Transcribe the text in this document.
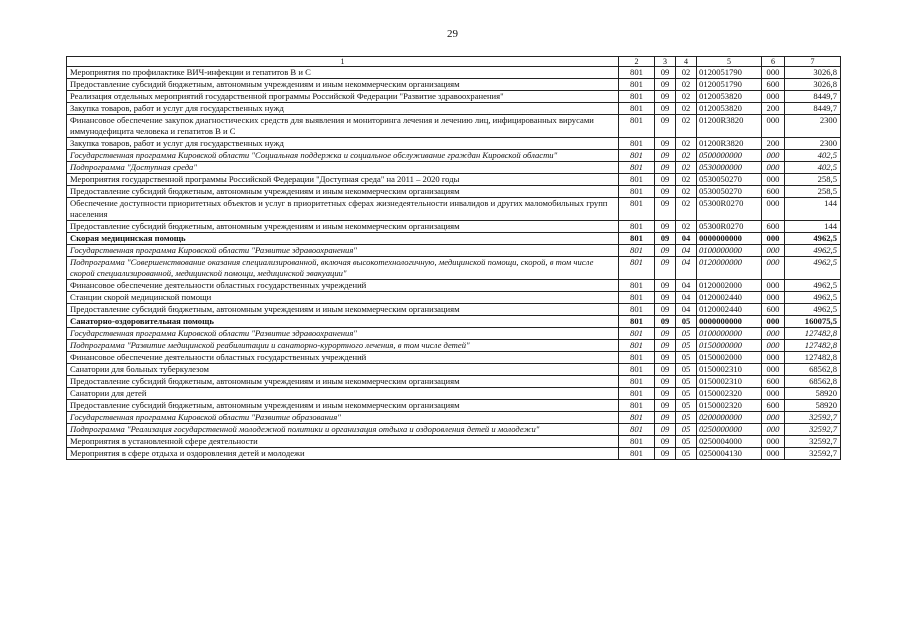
29
1	2	3	4	5	6	7
Мероприятия по профилактике ВИЧ-инфекции и гепатитов В и С	801	09	02	0120051790	000	3026,8
Предоставление субсидий бюджетным, автономным учреждениям и иным некоммерческим организациям	801	09	02	0120051790	600	3026,8
Реализация отдельных мероприятий государственной программы Российской Федерации "Развитие здравоохранения"	801	09	02	0120053820	000	8449,7
Закупка товаров, работ и услуг для государственных нужд	801	09	02	0120053820	200	8449,7
Финансовое обеспечение закупок диагностических средств для выявления и мониторинга лечения и лечению лиц, инфицированных вирусами иммунодефицита человека и гепатитов В и С	801	09	02	01200R3820	000	2300
Закупка товаров, работ и услуг для государственных нужд	801	09	02	01200R3820	200	2300
Государственная программа Кировской области "Социальная поддержка и социальное обслуживание граждан Кировской области"	801	09	02	0500000000	000	402,5
Подпрограмма "Доступная среда"	801	09	02	0530000000	000	402,5
Мероприятия государственной программы Российской Федерации "Доступная среда" на 2011 – 2020 годы	801	09	02	0530050270	000	258,5
Предоставление субсидий бюджетным, автономным учреждениям и иным некоммерческим организациям	801	09	02	0530050270	600	258,5
Обеспечение доступности приоритетных объектов и услуг в приоритетных сферах жизнедеятельности инвалидов и других маломобильных групп населения	801	09	02	05300R0270	000	144
Предоставление субсидий бюджетным, автономным учреждениям и иным некоммерческим организациям	801	09	02	05300R0270	600	144
Скорая медицинская помощь	801	09	04	0000000000	000	4962,5
Государственная программа Кировской области "Развитие здравоохранения"	801	09	04	0100000000	000	4962,5
Подпрограмма "Совершенствование оказания специализированной, включая высокотехнологичную, медицинской помощи, скорой, в том числе скорой специализированной, медицинской помощи, медицинской эвакуации"	801	09	04	0120000000	000	4962,5
Финансовое обеспечение деятельности областных государственных учреждений	801	09	04	0120002000	000	4962,5
Станции скорой медицинской помощи	801	09	04	0120002440	000	4962,5
Предоставление субсидий бюджетным, автономным учреждениям и иным некоммерческим организациям	801	09	04	0120002440	600	4962,5
Санаторно-оздоровительная помощь	801	09	05	0000000000	000	160075,5
Государственная программа Кировской области "Развитие здравоохранения"	801	09	05	0100000000	000	127482,8
Подпрограмма "Развитие медицинской реабилитации и санаторно-курортного лечения, в том числе детей"	801	09	05	0150000000	000	127482,8
Финансовое обеспечение деятельности областных государственных учреждений	801	09	05	0150002000	000	127482,8
Санатории для больных туберкулезом	801	09	05	0150002310	000	68562,8
Предоставление субсидий бюджетным, автономным учреждениям и иным некоммерческим организациям	801	09	05	0150002310	600	68562,8
Санатории для детей	801	09	05	0150002320	000	58920
Предоставление субсидий бюджетным, автономным учреждениям и иным некоммерческим организациям	801	09	05	0150002320	600	58920
Государственная программа Кировской области "Развитие образования"	801	09	05	0200000000	000	32592,7
Подпрограмма "Реализация государственной молодежной политики и организация отдыха и оздоровления детей и молодежи"	801	09	05	0250000000	000	32592,7
Мероприятия в установленной сфере деятельности	801	09	05	0250004000	000	32592,7
Мероприятия в сфере отдыха и оздоровления детей и молодежи	801	09	05	0250004130	000	32592,7
